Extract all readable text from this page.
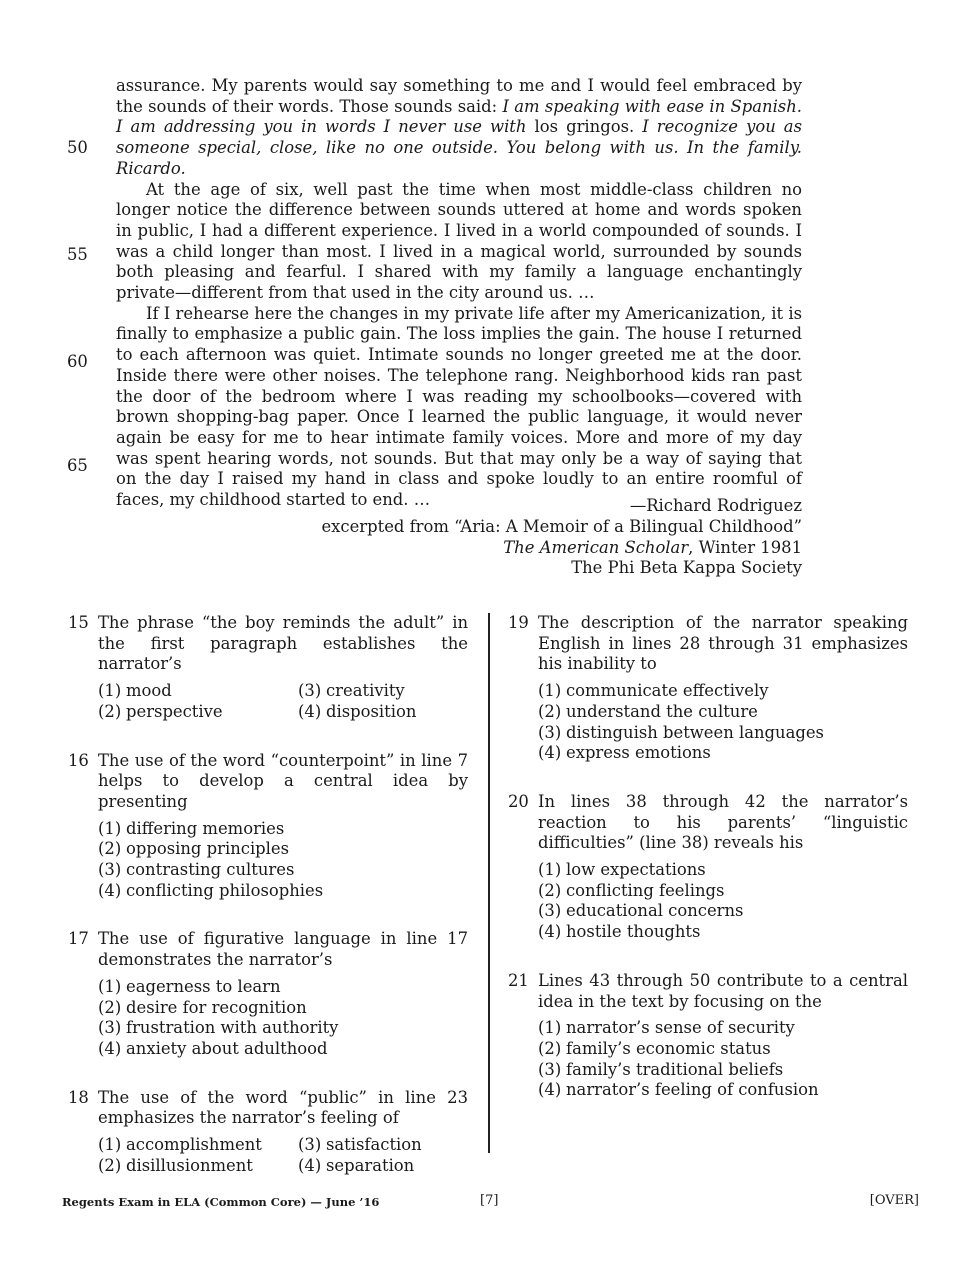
assurance. My parents would say something to me and I would feel embraced by the sounds of their words. Those sounds said: I am speaking with ease in Spanish. I am addressing you in words I never use with los gringos. I recognize you as someone special, close, like no one outside. You belong with us. In the family. Ricardo.

At the age of six, well past the time when most middle-class children no longer notice the difference between sounds uttered at home and words spoken in public, I had a different experience. I lived in a world compounded of sounds. I was a child longer than most. I lived in a magical world, surrounded by sounds both pleasing and fearful. I shared with my family a language enchantingly private—different from that used in the city around us. …

If I rehearse here the changes in my private life after my Americanization, it is finally to emphasize a public gain. The loss implies the gain. The house I returned to each afternoon was quiet. Intimate sounds no longer greeted me at the door. Inside there were other noises. The telephone rang. Neighborhood kids ran past the door of the bedroom where I was reading my schoolbooks—covered with brown shopping-bag paper. Once I learned the public language, it would never again be easy for me to hear intimate family voices. More and more of my day was spent hearing words, not sounds. But that may only be a way of saying that on the day I raised my hand in class and spoke loudly to an entire roomful of faces, my childhood started to end. …

50
55
60
65
—Richard Rodriguez
excerpted from “Aria: A Memoir of a Bilingual Childhood”
The American Scholar, Winter 1981
The Phi Beta Kappa Society
15 The phrase “the boy reminds the adult” in the first paragraph establishes the narrator’s
(1) mood	(3) creativity
(2) perspective	(4) disposition
16 The use of the word “counterpoint” in line 7 helps to develop a central idea by presenting
(1) differing memories
(2) opposing principles
(3) contrasting cultures
(4) conflicting philosophies
17 The use of figurative language in line 17 demonstrates the narrator’s
(1) eagerness to learn
(2) desire for recognition
(3) frustration with authority
(4) anxiety about adulthood
18 The use of the word “public” in line 23 emphasizes the narrator’s feeling of
(1) accomplishment	(3) satisfaction
(2) disillusionment	(4) separation
19 The description of the narrator speaking English in lines 28 through 31 emphasizes his inability to
(1) communicate effectively
(2) understand the culture
(3) distinguish between languages
(4) express emotions
20 In lines 38 through 42 the narrator’s reaction to his parents’ “linguistic difficulties” (line 38) reveals his
(1) low expectations
(2) conflicting feelings
(3) educational concerns
(4) hostile thoughts
21 Lines 43 through 50 contribute to a central idea in the text by focusing on the
(1) narrator’s sense of security
(2) family’s economic status
(3) family’s traditional beliefs
(4) narrator’s feeling of confusion
Regents Exam in ELA (Common Core) — June ’16	[7]	[OVER]
